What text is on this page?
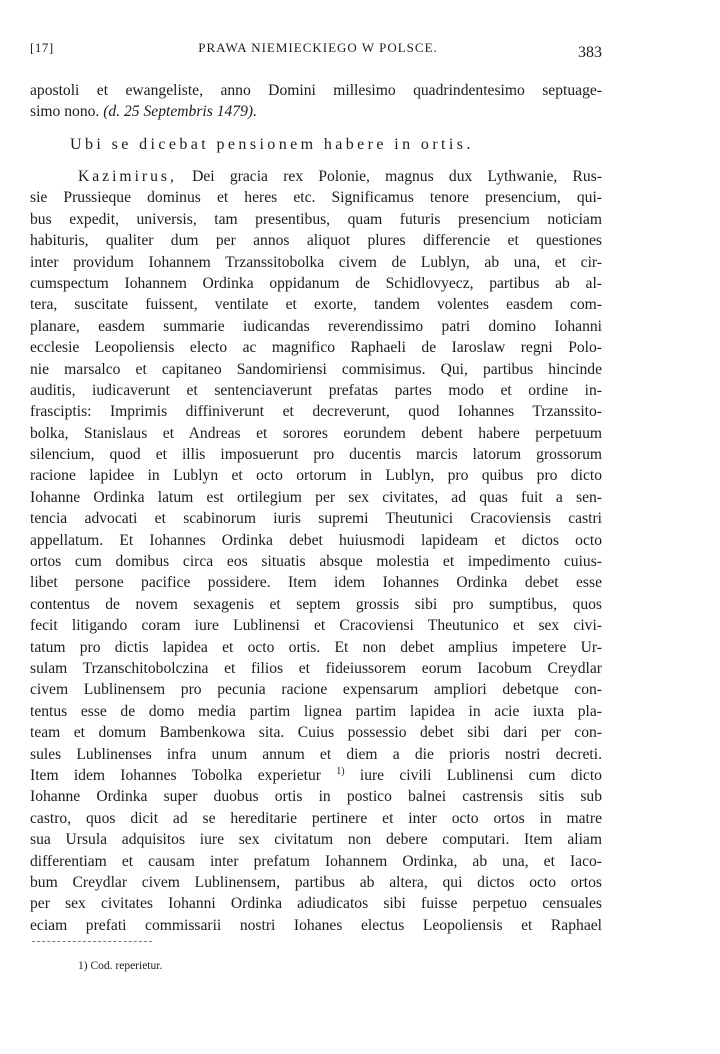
[17]	PRAWA NIEMIECKIEGO W POLSCE.	383
apostoli et ewangeliste, anno Domini millesimo quadrindentesimo septuage-
simo nono. (d. 25 Septembris 1479).
Ubi se dicebat pensionem habere in ortis.
Kazimirus, Dei gracia rex Polonie, magnus dux Lythwanie, Rus-
sie Prussieque dominus et heres etc. Significamus tenore presencium, qui-
bus expedit, universis, tam presentibus, quam futuris presencium noticiam
habituris, qualiter dum per annos aliquot plures differencie et questiones
inter providum Iohannem Trzanssitobolka civem de Lublyn, ab una, et cir-
cumspectum Iohannem Ordinka oppidanum de Schidlovyecz, partibus ab al-
tera, suscitate fuissent, ventilate et exorte, tandem volentes easdem com-
planare, easdem summarie iudicandas reverendissimo patri domino Iohanni
ecclesie Leopoliensis electo ac magnifico Raphaeli de Iaroslaw regni Polo-
nie marsalco et capitaneo Sandomiriensi commisimus. Qui, partibus hincinde
auditis, iudicaverunt et sentenciaverunt prefatas partes modo et ordine in-
frasciptis: Imprimis diffiniverunt et decreverunt, quod Iohannes Trzanssito-
bolka, Stanislaus et Andreas et sorores eorundem debent habere perpetuum
silencium, quod et illis imposuerunt pro ducentis marcis latorum grossorum
racione lapidee in Lublyn et octo ortorum in Lublyn, pro quibus pro dicto
Iohanne Ordinka latum est ortilegium per sex civitates, ad quas fuit a sen-
tencia advocati et scabinorum iuris supremi Theutunici Cracoviensis castri
appellatum. Et Iohannes Ordinka debet huiusmodi lapideam et dictos octo
ortos cum domibus circa eos situatis absque molestia et impedimento cuius-
libet persone pacifice possidere. Item idem Iohannes Ordinka debet esse
contentus de novem sexagenis et septem grossis sibi pro sumptibus, quos
fecit litigando coram iure Lublinensi et Cracoviensi Theutunico et sex civi-
tatum pro dictis lapidea et octo ortis. Et non debet amplius impetere Ur-
sulam Trzanschitobolczina et filios et fideiussorem eorum Iacobum Creydlar
civem Lublinensem pro pecunia racione expensarum ampliori debetque con-
tentus esse de domo media partim lignea partim lapidea in acie iuxta pla-
team et domum Bambenkowa sita. Cuius possessio debet sibi dari per con-
sules Lublinenses infra unum annum et diem a die prioris nostri decreti.
Item idem Iohannes Tobolka experietur $^{1)}$ iure civili Lublinensi cum dicto
Iohanne Ordinka super duobus ortis in postico balnei castrensis sitis sub
castro, quos dicit ad se hereditarie pertinere et inter octo ortos in matre
sua Ursula adquisitos iure sex civitatum non debere computari. Item aliam
differentiam et causam inter prefatum Iohannem Ordinka, ab una, et Iaco-
bum Creydlar civem Lublinensem, partibus ab altera, qui dictos octo ortos
per sex civitates Iohanni Ordinka adiudicatos sibi fuisse perpetuo censuales
eciam prefati commissarii nostri Iohanes electus Leopoliensis et Raphael
1) Cod. reperietur.
